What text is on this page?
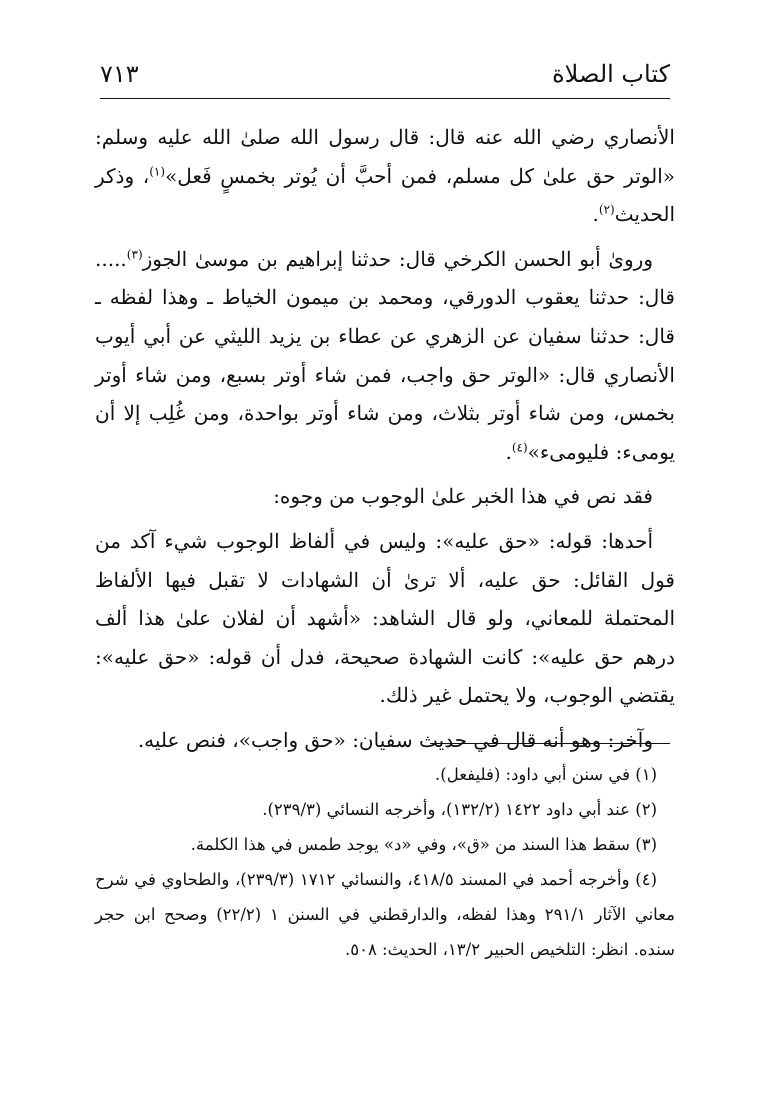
كتاب الصلاة
٧١٣

الأنصاري رضي الله عنه قال: قال رسول الله صلىٰ الله عليه وسلم: «الوتر حق علىٰ كل مسلم، فمن أحبَّ أن يُوتر بخمسٍ فَعل»$^{(١)}$، وذكر الحديث$^{(٢)}$.

ورویٰ أبو الحسن الكرخي قال: حدثنا إبراهيم بن موسىٰ الجوز$^{(٣)}$..... قال: حدثنا يعقوب الدورقي، ومحمد بن ميمون الخياط ـ وهذا لفظه ـ قال: حدثنا سفيان عن الزهري عن عطاء بن يزيد الليثي عن أبي أيوب الأنصاري قال: «الوتر حق واجب، فمن شاء أوتر بسبع، ومن شاء أوتر بخمس، ومن شاء أوتر بثلاث، ومن شاء أوتر بواحدة، ومن غُلِب إلا أن يومىء: فليومىء»$^{(٤)}$.

فقد نص في هذا الخبر علىٰ الوجوب من وجوه:

أحدها: قوله: «حق عليه»: وليس في ألفاظ الوجوب شيء آكد من قول القائل: حق عليه، ألا ترىٰ أن الشهادات لا تقبل فيها الألفاظ المحتملة للمعاني، ولو قال الشاهد: «أشهد أن لفلان علىٰ هذا ألف درهم حق عليه»: كانت الشهادة صحيحة، فدل أن قوله: «حق عليه»: يقتضي الوجوب، ولا يحتمل غير ذلك.

وآخر: وهو أنه قال في حديث سفيان: «حق واجب»، فنص عليه.

(١) في سنن أبي داود: (فليفعل).

(٢) عند أبي داود ١٤٢٢ (١٣٢/٢)، وأخرجه النسائي (٢٣٩/٣).

(٣) سقط هذا السند من «ق»، وفي «د» يوجد طمس في هذا الكلمة.

(٤) وأخرجه أحمد في المسند ٤١٨/٥، والنسائي ١٧١٢ (٢٣٩/٣)، والطحاوي في شرح معاني الآثار ٢٩١/١ وهذا لفظه، والدارقطني في السنن ١ (٢٢/٢) وصحح ابن حجر سنده. انظر: التلخيص الحبير ١٣/٢، الحديث: ٥٠٨.
